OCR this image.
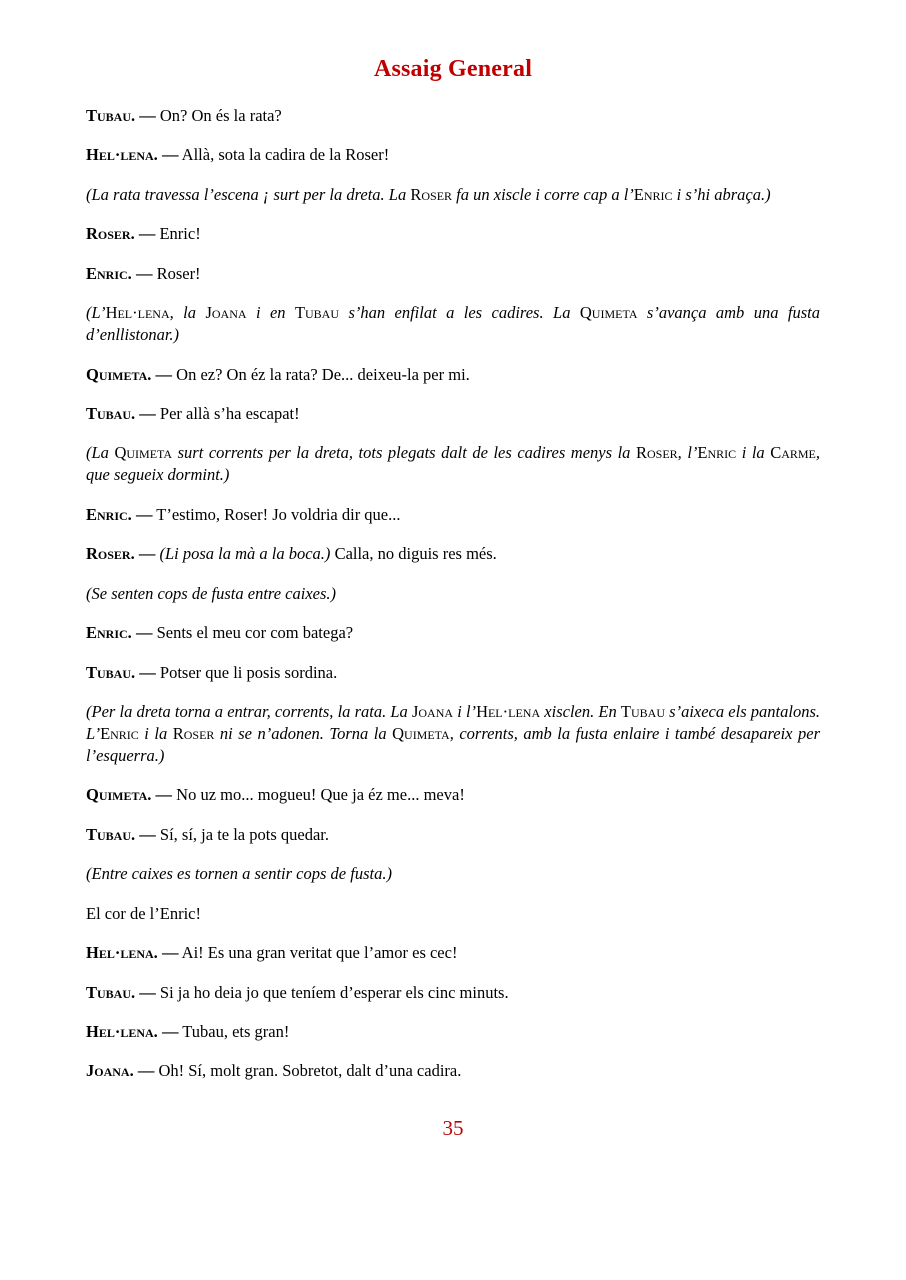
Assaig General

Tubau. — On? On és la rata?

Hel·lena. — Allà, sota la cadira de la Roser!

(La rata travessa l’escena ¡ surt per la dreta. La Roser fa un xiscle i corre cap a l’Enric i s’hi abraça.)

Roser. — Enric!

Enric. — Roser!

(L’Hel·lena, la Joana i en Tubau s’han enfilat a les cadires. La Quimeta s’avança amb una fusta d’enllistonar.)

Quimeta. — On ez? On éz la rata? De... deixeu-la per mi.

Tubau. — Per allà s’ha escapat!

(La Quimeta surt corrents per la dreta, tots plegats dalt de les cadires menys la Roser, l’Enric i la Carme, que segueix dormint.)

Enric. — T’estimo, Roser! Jo voldria dir que...

Roser. — (Li posa la mà a la boca.) Calla, no diguis res més.

(Se senten cops de fusta entre caixes.)

Enric. — Sents el meu cor com batega?

Tubau. — Potser que li posis sordina.

(Per la dreta torna a entrar, corrents, la rata. La Joana i l’Hel·lena xisclen. En Tubau s’aixeca els pantalons. L’Enric i la Roser ni se n’adonen. Torna la Quimeta, corrents, amb la fusta enlaire i també desapareix per l’esquerra.)

Quimeta. — No uz mo... mogueu! Que ja éz me... meva!

Tubau. — Sí, sí, ja te la pots quedar.

(Entre caixes es tornen a sentir cops de fusta.)

El cor de l’Enric!

Hel·lena. — Ai! Es una gran veritat que l’amor es cec!

Tubau. — Si ja ho deia jo que teníem d’esperar els cinc minuts.

Hel·lena. — Tubau, ets gran!

Joana. — Oh! Sí, molt gran. Sobretot, dalt d’una cadira.

35
